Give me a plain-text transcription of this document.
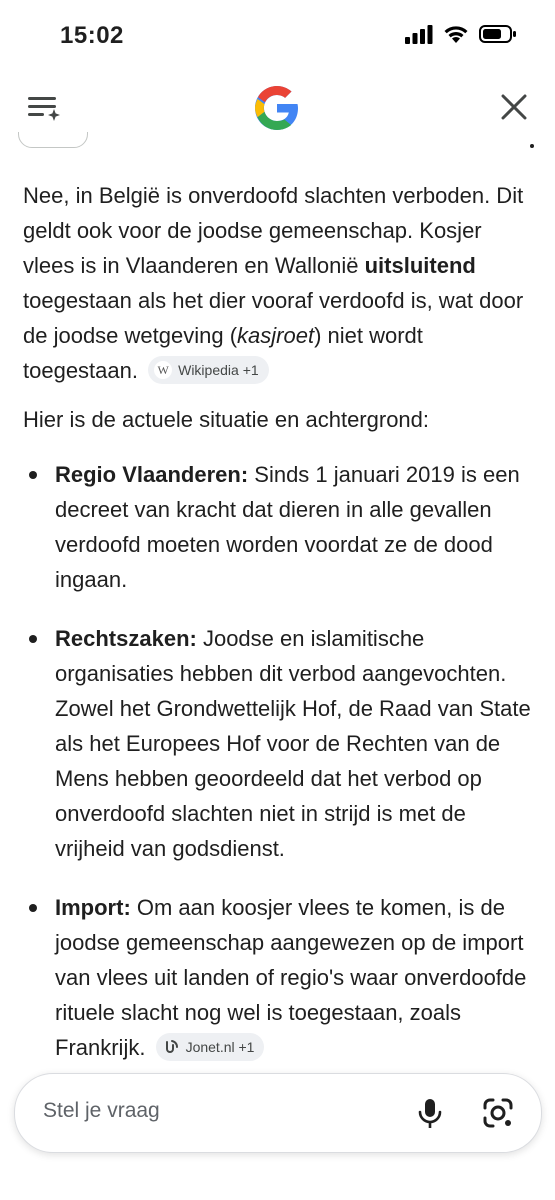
15:02

Nee, in België is onverdoofd slachten verboden. Dit geldt ook voor de joodse gemeenschap. Kosjer vlees is in Vlaanderen en Wallonië uitsluitend toegestaan als het dier vooraf verdoofd is, wat door de joodse wetgeving (kasjroet) niet wordt toegestaan. W Wikipedia +1

Hier is de actuele situatie en achtergrond:

Regio Vlaanderen: Sinds 1 januari 2019 is een decreet van kracht dat dieren in alle gevallen verdoofd moeten worden voordat ze de dood ingaan.
Rechtszaken: Joodse en islamitische organisaties hebben dit verbod aangevochten. Zowel het Grondwettelijk Hof, de Raad van State als het Europees Hof voor de Rechten van de Mens hebben geoordeeld dat het verbod op onverdoofd slachten niet in strijd is met de vrijheid van godsdienst.
Import: Om aan koosjer vlees te komen, is de joodse gemeenschap aangewezen op de import van vlees uit landen of regio's waar onverdoofde rituele slacht nog wel is toegestaan, zoals Frankrijk.	Jonet.nl +1
Stel je vraag
